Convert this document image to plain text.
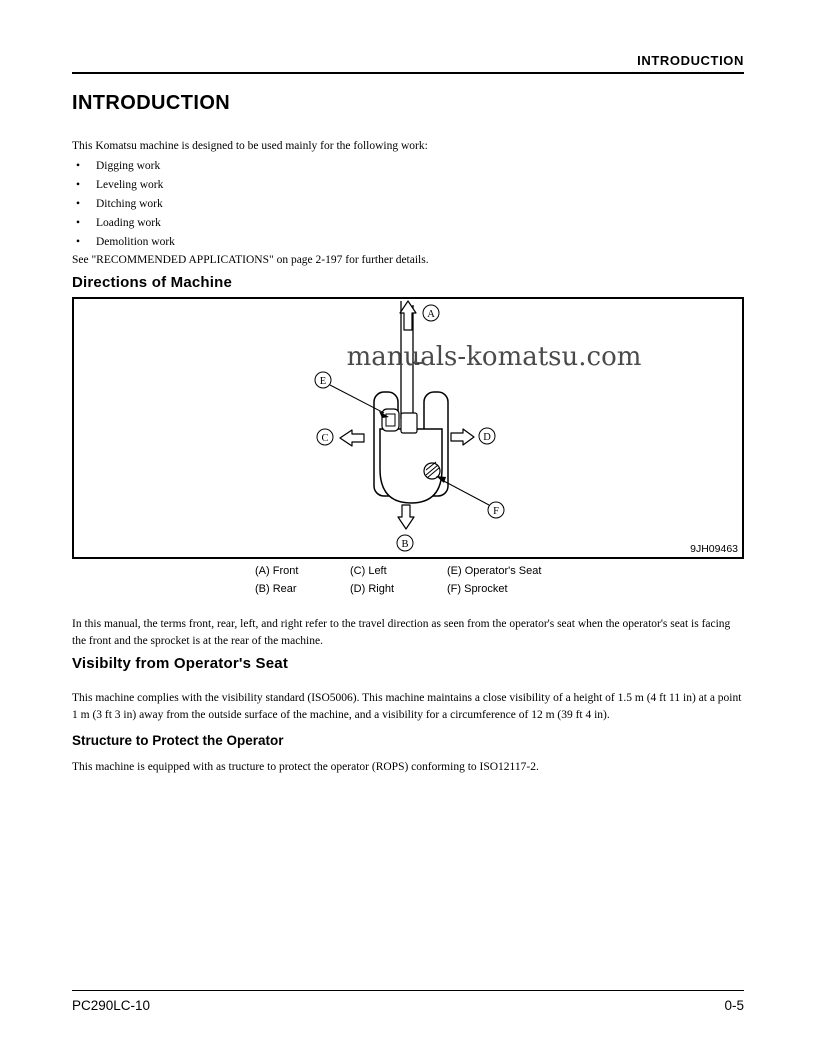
INTRODUCTION
INTRODUCTION

This Komatsu machine is designed to be used mainly for the following work:

•	Digging work
•	Leveling work
•	Ditching work
•	Loading work
•	Demolition work

See "RECOMMENDED APPLICATIONS" on page 2-197 for further details.

Directions of Machine
manuals-komatsu.com
A
B
C	D
E
F
9JH09463
(A) Front	(C) Left	(E) Operator's Seat
(B) Rear	(D) Right	(F) Sprocket

In this manual, the terms front, rear, left, and right refer to the travel direction as seen from the operator's seat when the operator's seat is facing the front and the sprocket is at the rear of the machine.

Visibilty from Operator's Seat

This machine complies with the visibility standard (ISO5006). This machine maintains a close visibility of a height of 1.5 m (4 ft 11 in) at a point 1 m (3 ft 3 in) away from the outside surface of the machine, and a visibility for a circumference of 12 m (39 ft 4 in).

Structure to Protect the Operator

This machine is equipped with as tructure to protect the operator (ROPS) conforming to ISO12117-2.

PC290LC-10	0-5
